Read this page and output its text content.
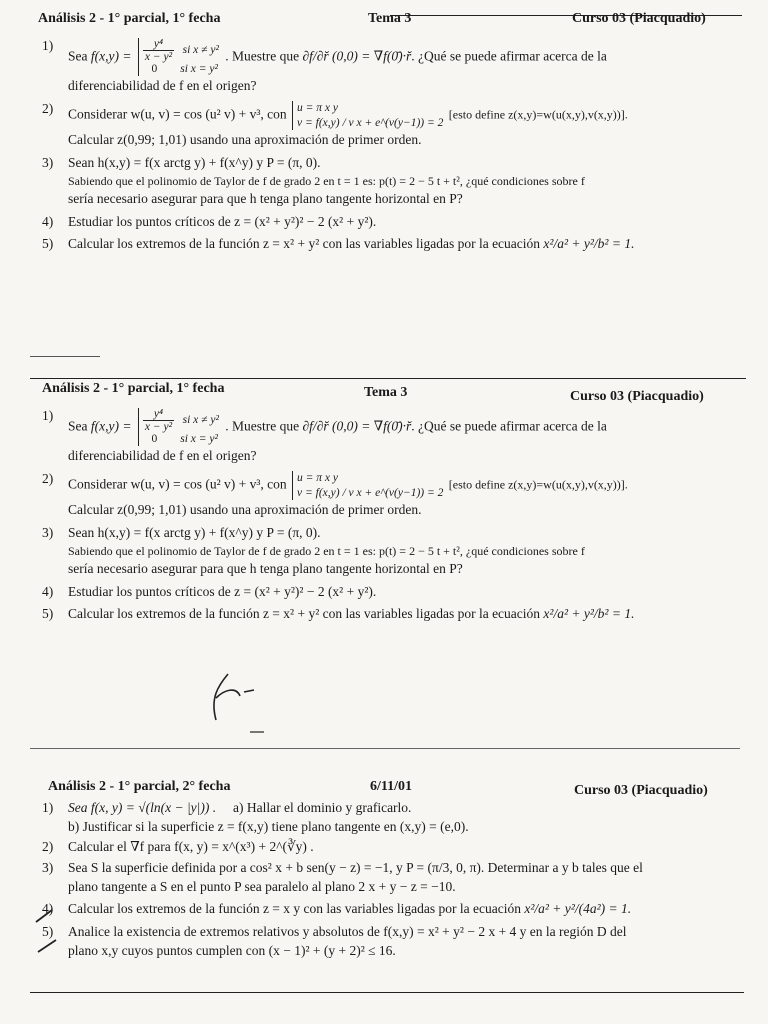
Análisis 2 - 1° parcial, 1° fecha	Tema 3	Curso 03 (Piacquadio)
1)
Sea $f(x,y) = \frac{\text{y⁴}}{\text{x − y²}}$ si x ≠ y²
0 si x = y² . Muestre que ∂f/∂r̆ (0,0) = ∇f(0̄)·r̆. ¿Qué se puede afirmar acerca de la
diferenciabilidad de f en el origen?
2) Considerar w(u, v) = cos (u² v) + v³, con u = π x y
v = f(x,y) / v x + e^(v(y−1)) = 2 [esto define z(x,y)=w(u(x,y),v(x,y))].
Calcular z(0,99; 1,01) usando una aproximación de primer orden.
3) Sean h(x,y) = f(x arctg y) + f(x^y) y P = (π, 0).
Sabiendo que el polinomio de Taylor de f de grado 2 en t = 1 es: p(t) = 2 − 5 t + t², ¿qué condiciones sobre f
sería necesario asegurar para que h tenga plano tangente horizontal en P?
4) Estudiar los puntos críticos de z = (x² + y²)² − 2 (x² + y²).
5) Calcular los extremos de la función z = x² + y² con las variables ligadas por la ecuación x²/a² + y²/b² = 1.
Análisis 2 - 1° parcial, 1° fecha	Tema 3	Curso 03 (Piacquadio)
1)
Sea $f(x,y) = \frac{\text{y⁴}}{\text{x − y²}}$ si x ≠ y²
0 si x = y² . Muestre que ∂f/∂r̆ (0,0) = ∇f(0̄)·r̆. ¿Qué se puede afirmar acerca de la
diferenciabilidad de f en el origen?
2) Considerar w(u, v) = cos (u² v) + v³, con u = π x y
v = f(x,y) / v x + e^(v(y−1)) = 2 [esto define z(x,y)=w(u(x,y),v(x,y))].
Calcular z(0,99; 1,01) usando una aproximación de primer orden.
3) Sean h(x,y) = f(x arctg y) + f(x^y) y P = (π, 0).
Sabiendo que el polinomio de Taylor de f de grado 2 en t = 1 es: p(t) = 2 − 5 t + t², ¿qué condiciones sobre f
sería necesario asegurar para que h tenga plano tangente horizontal en P?
4) Estudiar los puntos críticos de z = (x² + y²)² − 2 (x² + y²).
5) Calcular los extremos de la función z = x² + y² con las variables ligadas por la ecuación x²/a² + y²/b² = 1.
Análisis 2 - 1° parcial, 2° fecha	6/11/01	Curso 03 (Piacquadio)
1) Sea f(x, y) = √(ln(x − |y|)) . a) Hallar el dominio y graficarlo.
b) Justificar si la superficie z = f(x,y) tiene plano tangente en (x,y) = (e,0).
2) Calcular el ∇f para f(x, y) = x^(x³) + 2^(∛y) .
3) Sea S la superficie definida por a cos² x + b sen(y − z) = −1, y P = (π/3, 0, π). Determinar a y b tales que el
plano tangente a S en el punto P sea paralelo al plano 2 x + y − z = −10.
4) Calcular los extremos de la función z = x y con las variables ligadas por la ecuación x²/a² + y²/(4a²) = 1.
5) Analice la existencia de extremos relativos y absolutos de f(x,y) = x² + y² − 2 x + 4 y en la región D del
plano x,y cuyos puntos cumplen con (x − 1)² + (y + 2)² ≤ 16.
